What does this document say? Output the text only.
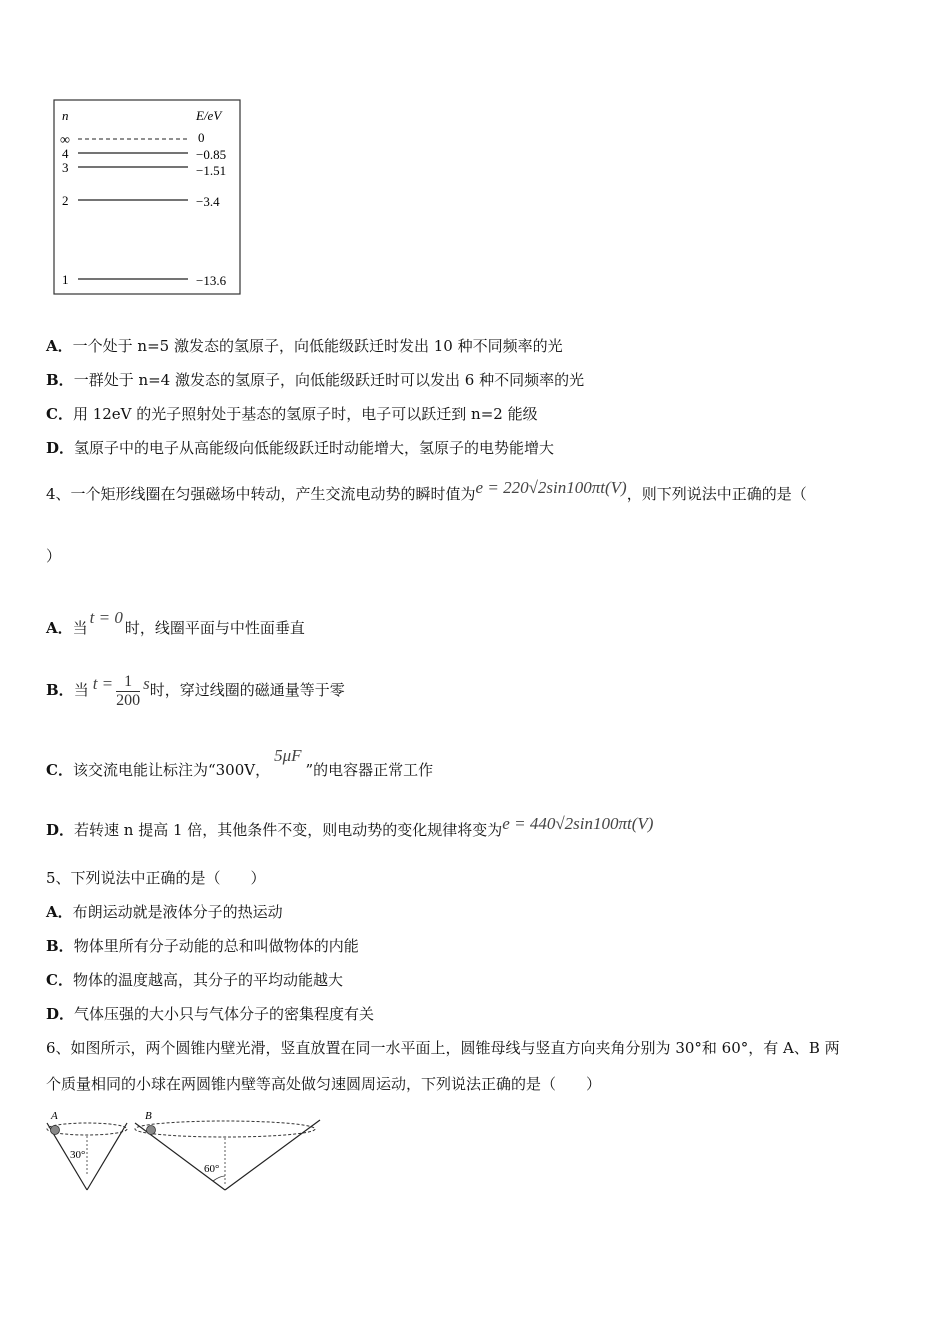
n	E/eV
∞	0
4	−0.85
3	−1.51
2	−3.4
1	−13.6
A．一个处于 n=5 激发态的氢原子，向低能级跃迁时发出 10 种不同频率的光
B．一群处于 n=4 激发态的氢原子，向低能级跃迁时可以发出 6 种不同频率的光
C．用 12eV 的光子照射处于基态的氢原子时，电子可以跃迁到 n=2 能级
D．氢原子中的电子从高能级向低能级跃迁时动能增大，氢原子的电势能增大
4、一个矩形线圈在匀强磁场中转动，产生交流电动势的瞬时值为e = 220√2sin100πt(V)，则下列说法中正确的是（
）
A．当t = 0时，线圈平面与中性面垂直
B．当 $t = \frac{1}{200}$ s时，穿过线圈的磁通量等于零
C．该交流电能让标注为“300V，5μF”的电容器正常工作
D．若转速 n 提高 1 倍，其他条件不变，则电动势的变化规律将变为e = 440√2sin100πt(V)
5、下列说法中正确的是（　　）
A．布朗运动就是液体分子的热运动
B．物体里所有分子动能的总和叫做物体的内能
C．物体的温度越高，其分子的平均动能越大
D．气体压强的大小只与气体分子的密集程度有关
6、如图所示，两个圆锥内壁光滑，竖直放置在同一水平面上，圆锥母线与竖直方向夹角分别为 30°和 60°，有 A、B 两
个质量相同的小球在两圆锥内壁等高处做匀速圆周运动，下列说法正确的是（　　）
A
30°
B
60°
